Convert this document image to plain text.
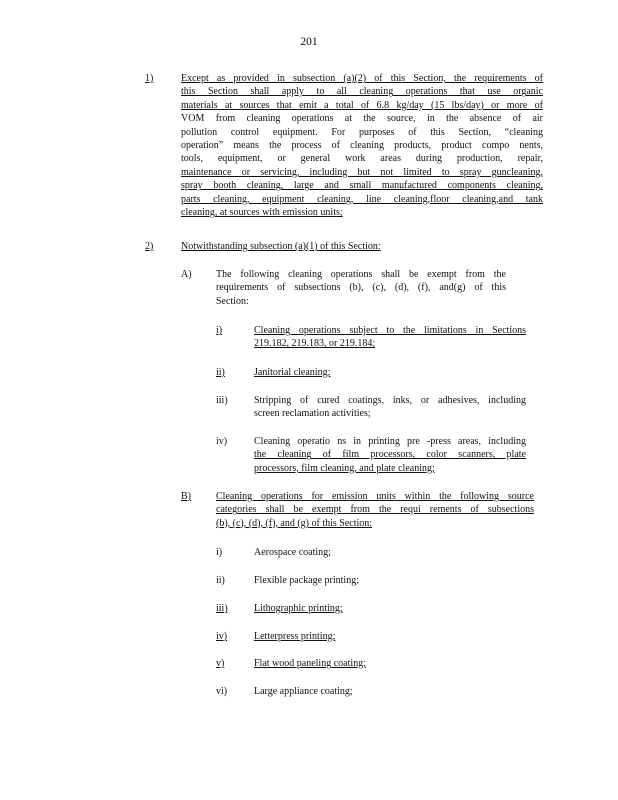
201
1)	Except as provided in subsection (a)(2) of this Section, the requirements of
this Section shall apply to all cleaning operations that use organic
materials at sources that emit a total of 6.8 kg/day (15 lbs/day) or more of
VOM from cleaning operations at the source, in the absence of air
pollution control equipment. For purposes of this Section, “cleaning
operation” means the process of cleaning products, product compo nents,
tools, equipment, or general work areas during production, repair,
maintenance or servicing, including but not limited to spray guncleaning,
spray booth cleaning, large and small manufactured components cleaning,
parts cleaning, equipment cleaning, line cleaning,floor cleaning,and tank
cleaning, at sources with emission units;
2)	Notwithstanding subsection (a)(1) of this Section:
A) The following cleaning operations shall be exempt from the
requirements of subsections (b), (c), (d), (f), and(g) of this
Section:
i)	Cleaning operations subject to the limitations in Sections
219.182, 219.183, or 219.184;
ii)	Janitorial cleaning;
iii)	Stripping of cured coatings, inks, or adhesives, including
screen reclamation activities;
iv)	Cleaning operatio ns in printing pre -press areas, including
the cleaning of film processors, color scanners, plate
processors, film cleaning, and plate cleaning;
B)	Cleaning operations for emission units within the following source
categories shall be exempt from the requi rements of subsections
(b), (c), (d), (f), and (g) of this Section:
i)	Aerospace coating;
ii)	Flexible package printing;
iii)	Lithographic printing;
iv)	Letterpress printing;
v)	Flat wood paneling coating;
vi)	Large appliance coating;
